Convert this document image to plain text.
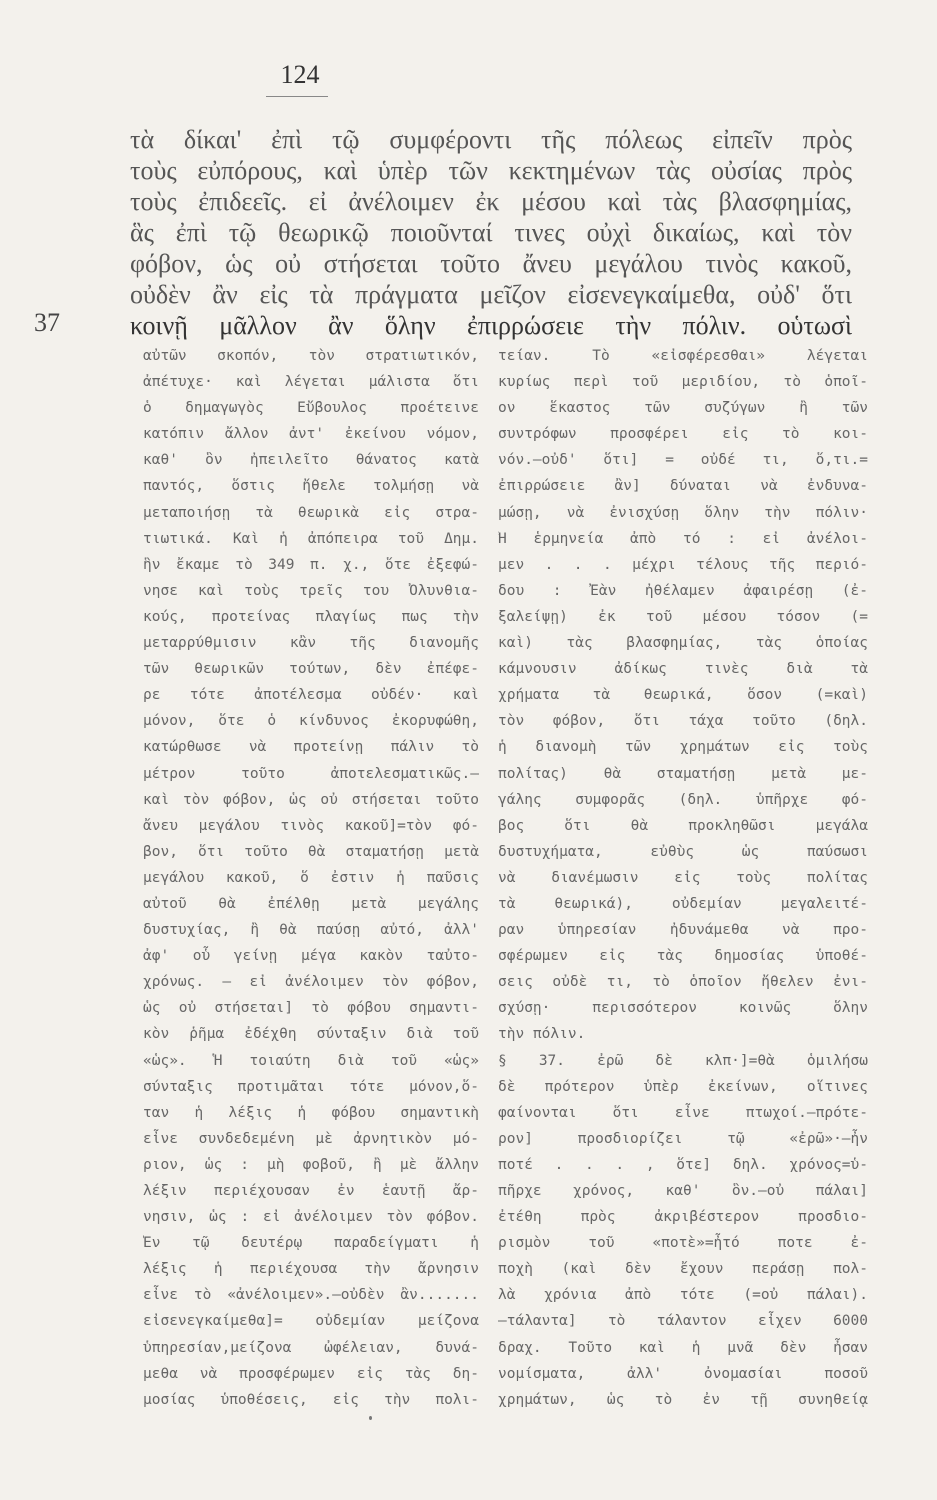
124
37
τὰ δίκαι' ἐπὶ τῷ συμφέροντι τῆς πόλεως εἰπεῖν πρὸς
τοὺς εὐπόρους, καὶ ὑπὲρ τῶν κεκτημένων τὰς οὐσίας πρὸς
τοὺς ἐπιδεεῖς. εἰ ἀνέλοιμεν ἐκ μέσου καὶ τὰς βλασφημίας,
ἃς ἐπὶ τῷ θεωρικῷ ποιοῦνταί τινες οὐχὶ δικαίως, καὶ τὸν
φόβον, ὡς οὐ στήσεται τοῦτο ἄνευ μεγάλου τινὸς κακοῦ,
οὐδὲν ἂν εἰς τὰ πράγματα μεῖζον εἰσενεγκαίμεθα, οὐδ' ὅτι
κοινῇ μᾶλλον ἂν ὅλην ἐπιρρώσειε τὴν πόλιν. οὑτωσὶ
αὐτῶν σκοπόν, τὸν στρατιωτικόν,
ἀπέτυχε· καὶ λέγεται μάλιστα ὅτι
ὁ δημαγωγὸς Εὔβουλος προέτεινε
κατόπιν ἄλλον ἀντ' ἐκείνου νόμον,
καθ' ὃν ἠπειλεῖτο θάνατος κατὰ
παντός, ὅστις ἤθελε τολμήσῃ νὰ
μεταποιήσῃ τὰ θεωρικὰ εἰς στρα-
τιωτικά. Καὶ ἡ ἀπόπειρα τοῦ Δημ.
ἣν ἔκαμε τὸ 349 π. χ., ὅτε ἐξεφώ-
νησε καὶ τοὺς τρεῖς του Ὀλυνθια-
κούς, προτείνας πλαγίως πως τὴν
μεταρρύθμισιν κἂν τῆς διανομῆς
τῶν θεωρικῶν τούτων, δὲν ἐπέφε-
ρε τότε ἀποτέλεσμα οὐδέν· καὶ
μόνον, ὅτε ὁ κίνδυνος ἐκορυφώθη,
κατώρθωσε νὰ προτείνῃ πάλιν τὸ
μέτρον τοῦτο ἀποτελεσματικῶς.—
καὶ τὸν φόβον, ὡς οὐ στήσεται τοῦτο
ἄνευ μεγάλου τινὸς κακοῦ]=τὸν φό-
βον, ὅτι τοῦτο θὰ σταματήσῃ μετὰ
μεγάλου κακοῦ, ὅ ἐστιν ἡ παῦσις
αὐτοῦ θὰ ἐπέλθῃ μετὰ μεγάλης
δυστυχίας, ἢ θὰ παύσῃ αὐτό, ἀλλ'
ἀφ' οὗ γείνῃ μέγα κακὸν ταὐτο-
χρόνως. — εἰ ἀνέλοιμεν τὸν φόβον,
ὡς οὐ στήσεται] τὸ φόβου σημαντι-
κὸν ῥῆμα ἐδέχθη σύνταξιν διὰ τοῦ
«ὡς». Ἡ τοιαύτη διὰ τοῦ «ὡς»
σύνταξις προτιμᾶται τότε μόνον,ὅ-
ταν ἡ λέξις ἡ φόβου σημαντικὴ
εἶνε συνδεδεμένη μὲ ἀρνητικὸν μό-
ριον, ὡς : μὴ φοβοῦ, ἢ μὲ ἄλλην
λέξιν περιέχουσαν ἐν ἑαυτῇ ἄρ-
νησιν, ὡς : εἰ ἀνέλοιμεν τὸν φόβον.
Ἐν τῷ δευτέρῳ παραδείγματι ἡ
λέξις ἡ περιέχουσα τὴν ἄρνησιν
εἶνε τὸ «ἀνέλοιμεν».—οὐδὲν ἂν.......
εἰσενεγκαίμεθα]= οὐδεμίαν μείζονα
ὑπηρεσίαν,μείζονα ὠφέλειαν, δυνά-
μεθα νὰ προσφέρωμεν εἰς τὰς δη-
μοσίας ὑποθέσεις, εἰς τὴν πολι-
τείαν. Τὸ «εἰσφέρεσθαι» λέγεται
κυρίως περὶ τοῦ μεριδίου, τὸ ὁποῖ-
ον ἕκαστος τῶν συζύγων ἢ τῶν
συντρόφων προσφέρει εἰς τὸ κοι-
νόν.—οὐδ' ὅτι] = οὐδέ τι, ὅ,τι.=
ἐπιρρώσειε ἂν] δύναται νὰ ἐνδυνα-
μώσῃ, νὰ ἐνισχύσῃ ὅλην τὴν πόλιν·
Ἡ ἑρμηνεία ἀπὸ τό : εἰ ἀνέλοι-
μεν . . . μέχρι τέλους τῆς περιό-
δου : Ἐὰν ἠθέλαμεν ἀφαιρέσῃ (ἐ-
ξαλείψῃ) ἐκ τοῦ μέσου τόσον (=
καὶ) τὰς βλασφημίας, τὰς ὁποίας
κάμνουσιν ἀδίκως τινὲς διὰ τὰ
χρήματα τὰ θεωρικά, ὅσον (=καὶ)
τὸν φόβον, ὅτι τάχα τοῦτο (δηλ.
ἡ διανομὴ τῶν χρημάτων εἰς τοὺς
πολίτας) θὰ σταματήσῃ μετὰ με-
γάλης συμφορᾶς (δηλ. ὑπῆρχε φό-
βος ὅτι θὰ προκληθῶσι μεγάλα
δυστυχήματα, εὐθὺς ὡς παύσωσι
νὰ διανέμωσιν εἰς τοὺς πολίτας
τὰ θεωρικά), οὐδεμίαν μεγαλειτέ-
ραν ὑπηρεσίαν ἠδυνάμεθα νὰ προ-
σφέρωμεν εἰς τὰς δημοσίας ὑποθέ-
σεις οὐδὲ τι, τὸ ὁποῖον ἤθελεν ἐνι-
σχύσῃ· περισσότερον κοινῶς ὅλην
τὴν πόλιν.
§ 37. ἐρῶ δὲ κλπ·]=θὰ ὁμιλήσω
δὲ πρότερον ὑπὲρ ἐκείνων, οἵτινες
φαίνονται ὅτι εἶνε πτωχοί.—πρότε-
ρον] προσδιορίζει τῷ «ἐρῶ»·—ἦν
ποτέ . . . , ὅτε] δηλ. χρόνος=ὑ-
πῆρχε χρόνος, καθ' ὃν.—οὐ πάλαι]
ἐτέθη πρὸς ἀκριβέστερον προσδιο-
ρισμὸν τοῦ «ποτὲ»=ἦτό ποτε ἐ-
ποχὴ (καὶ δὲν ἔχουν περάσῃ πολ-
λὰ χρόνια ἀπὸ τότε (=οὐ πάλαι).
—τάλαντα] τὸ τάλαντον εἶχεν 6000
δραχ. Τοῦτο καὶ ἡ μνᾶ δὲν ἦσαν
νομίσματα, ἀλλ' ὀνομασίαι ποσοῦ
χρημάτων, ὡς τὸ ἐν τῇ συνηθείᾳ
